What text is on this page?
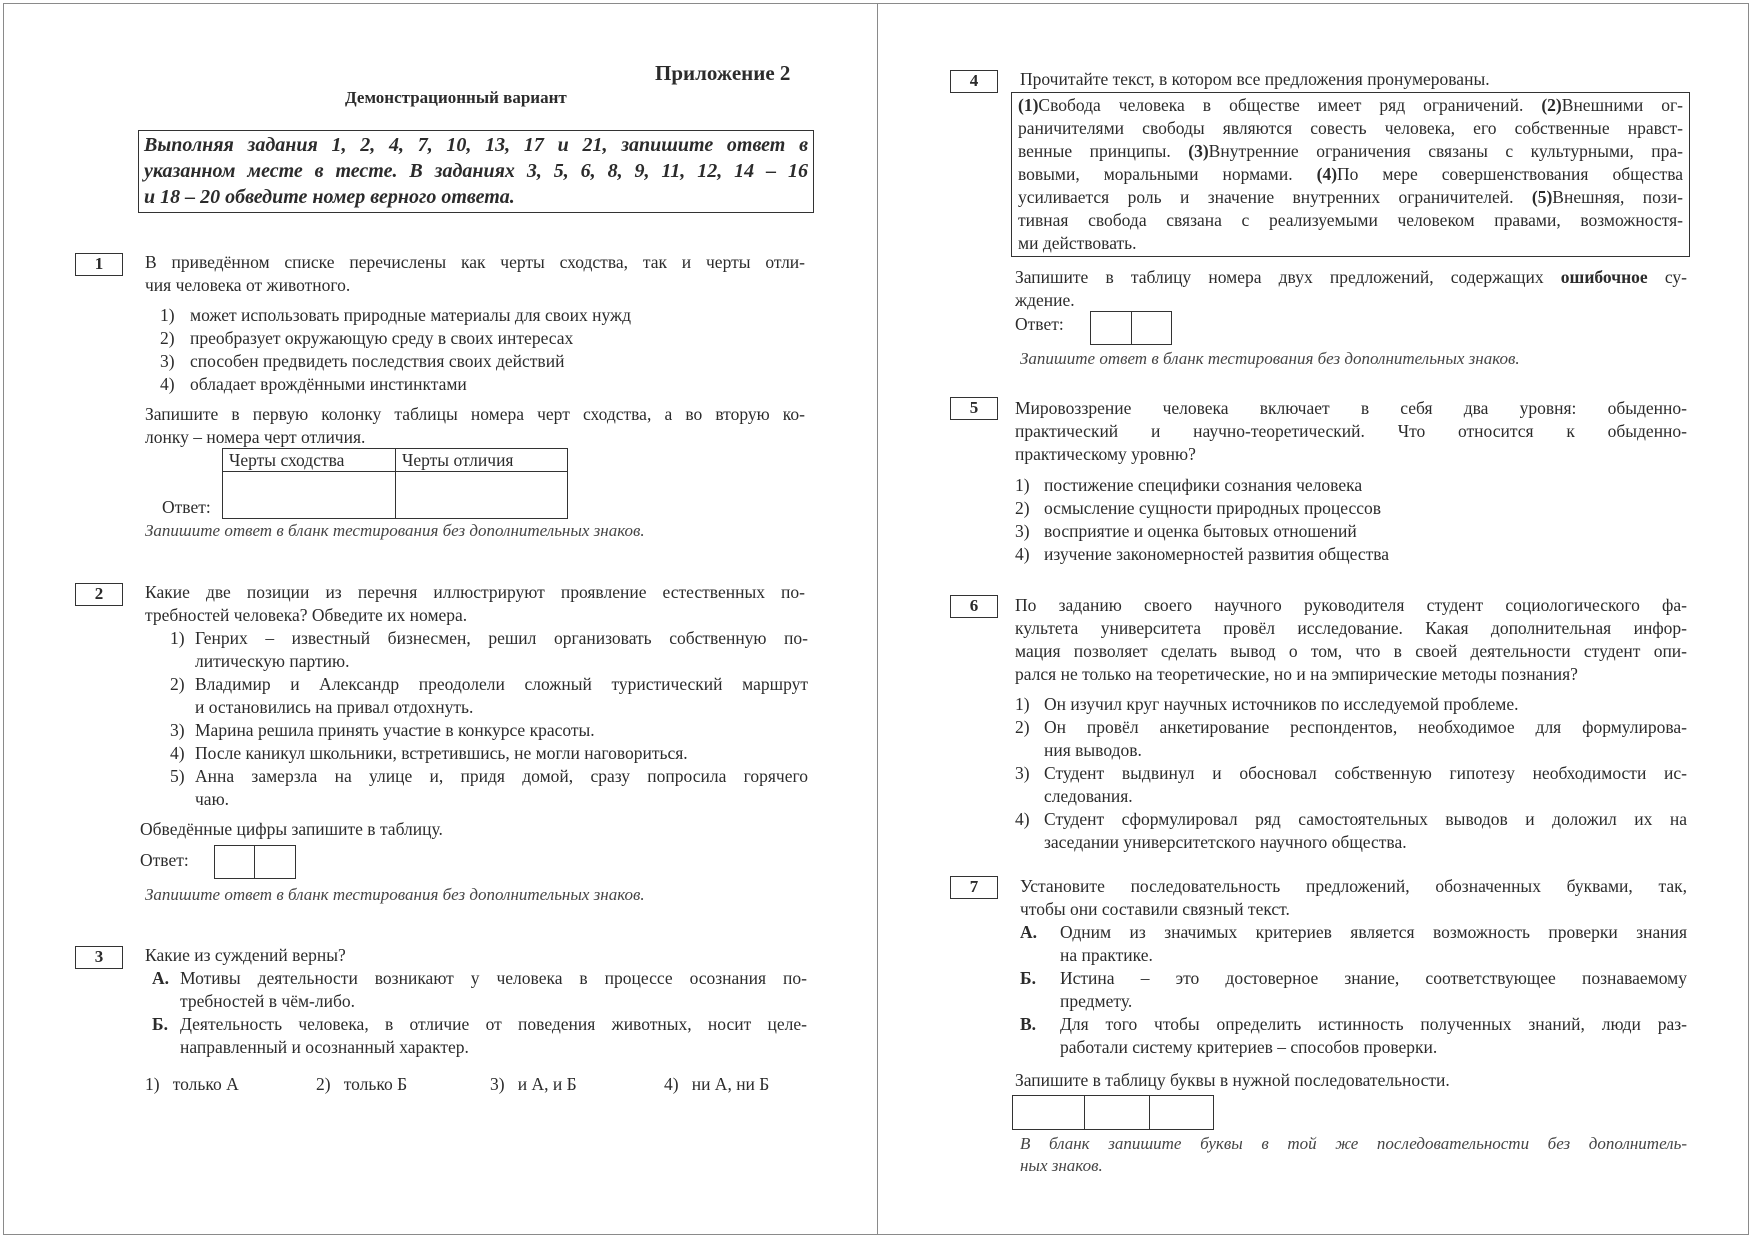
Приложение 2
Демонстрационный вариант
Выполняя задания 1, 2, 4, 7, 10, 13, 17 и 21, запишите ответ в
указанном месте в тесте. В заданиях 3, 5, 6, 8, 9, 11, 12, 14 – 16
и 18 – 20 обведите номер верного ответа.
1	В приведённом списке перечислены как черты сходства, так и черты отли-
чия человека от животного.
1) может использовать природные материалы для своих нужд
2) преобразует окружающую среду в своих интересах
3) способен предвидеть последствия своих действий
4) обладает врождёнными инстинктами
Запишите в первую колонку таблицы номера черт сходства, а во вторую ко-
лонку – номера черт отличия.
Черты сходства	Черты отличия
Ответ:
Запишите ответ в бланк тестирования без дополнительных знаков.
2	Какие две позиции из перечня иллюстрируют проявление естественных по-
требностей человека? Обведите их номера.
1) Генрих – известный бизнесмен, решил организовать собственную по-
литическую партию.
2) Владимир и Александр преодолели сложный туристический маршрут
и остановились на привал отдохнуть.
3) Марина решила принять участие в конкурсе красоты.
4) После каникул школьники, встретившись, не могли наговориться.
5) Анна замерзла на улице и, придя домой, сразу попросила горячего
чаю.
Обведённые цифры запишите в таблицу.
Ответ:
Запишите ответ в бланк тестирования без дополнительных знаков.
3	Какие из суждений верны?
А. Мотивы деятельности возникают у человека в процессе осознания по-
требностей в чём-либо.
Б. Деятельность человека, в отличие от поведения животных, носит целе-
направленный и осознанный характер.
1) только А	2) только Б	3) и А, и Б	4) ни А, ни Б
4	Прочитайте текст, в котором все предложения пронумерованы.
(1)Свобода человека в обществе имеет ряд ограничений. (2)Внешними ог-
раничителями свободы являются совесть человека, его собственные нравст-
венные принципы. (3)Внутренние ограничения связаны с культурными, пра-
вовыми, моральными нормами. (4)По мере совершенствования общества
усиливается роль и значение внутренних ограничителей. (5)Внешняя, пози-
тивная свобода связана с реализуемыми человеком правами, возможностя-
ми действовать.
Запишите в таблицу номера двух предложений, содержащих ошибочное су-
ждение.
Ответ:
Запишите ответ в бланк тестирования без дополнительных знаков.
5	Мировоззрение человека включает в себя два уровня: обыденно-
практический и научно-теоретический. Что относится к обыденно-
практическому уровню?
1) постижение специфики сознания человека
2) осмысление сущности природных процессов
3) восприятие и оценка бытовых отношений
4) изучение закономерностей развития общества
6	По заданию своего научного руководителя студент социологического фа-
культета университета провёл исследование. Какая дополнительная инфор-
мация позволяет сделать вывод о том, что в своей деятельности студент опи-
рался не только на теоретические, но и на эмпирические методы познания?
1) Он изучил круг научных источников по исследуемой проблеме.
2) Он провёл анкетирование респондентов, необходимое для формулирова-
ния выводов.
3) Студент выдвинул и обосновал собственную гипотезу необходимости ис-
следования.
4) Студент сформулировал ряд самостоятельных выводов и доложил их на
заседании университетского научного общества.
7	Установите последовательность предложений, обозначенных буквами, так,
чтобы они составили связный текст.
А. Одним из значимых критериев является возможность проверки знания
на практике.
Б. Истина – это достоверное знание, соответствующее познаваемому
предмету.
В. Для того чтобы определить истинность полученных знаний, люди раз-
работали систему критериев – способов проверки.
Запишите в таблицу буквы в нужной последовательности.
В бланк запишите буквы в той же последовательности без дополнитель-
ных знаков.
